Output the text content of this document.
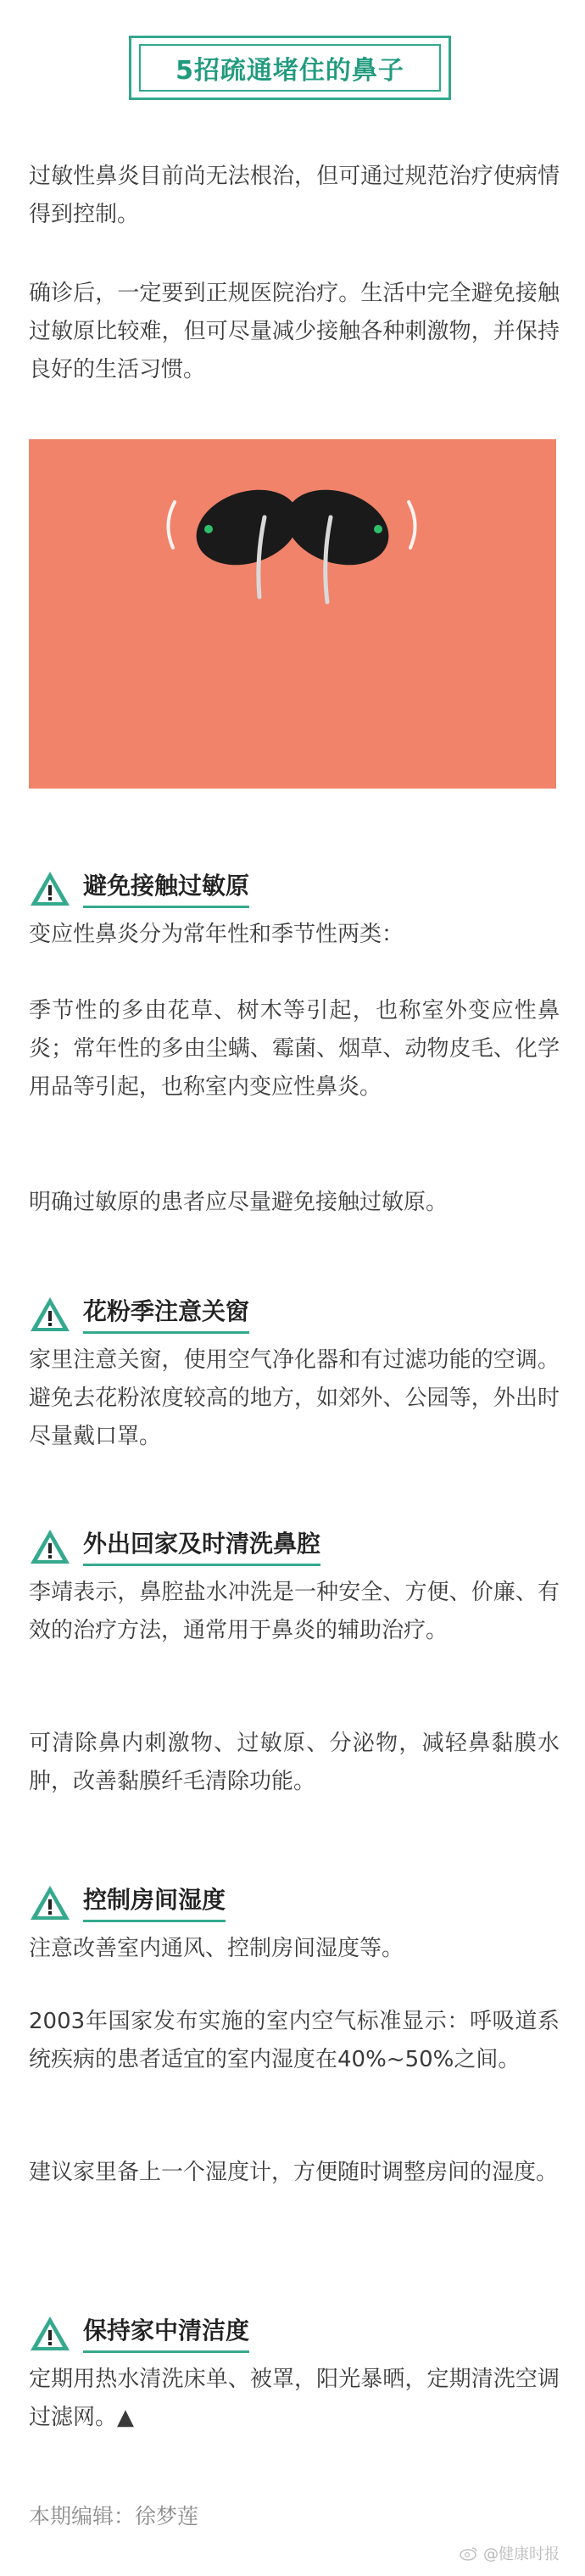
5招疏通堵住的鼻子

过敏性鼻炎目前尚无法根治，但可通过规范治疗使病情得到控制。

确诊后，一定要到正规医院治疗。生活中完全避免接触过敏原比较难，但可尽量减少接触各种刺激物，并保持良好的生活习惯。

避免接触过敏原

变应性鼻炎分为常年性和季节性两类：

季节性的多由花草、树木等引起，也称室外变应性鼻炎；常年性的多由尘螨、霉菌、烟草、动物皮毛、化学用品等引起，也称室内变应性鼻炎。

明确过敏原的患者应尽量避免接触过敏原。

花粉季注意关窗

家里注意关窗，使用空气净化器和有过滤功能的空调。避免去花粉浓度较高的地方，如郊外、公园等，外出时尽量戴口罩。

外出回家及时清洗鼻腔

李靖表示，鼻腔盐水冲洗是一种安全、方便、价廉、有效的治疗方法，通常用于鼻炎的辅助治疗。

可清除鼻内刺激物、过敏原、分泌物，减轻鼻黏膜水肿，改善黏膜纤毛清除功能。

控制房间湿度

注意改善室内通风、控制房间湿度等。

2003年国家发布实施的室内空气标准显示：呼吸道系统疾病的患者适宜的室内湿度在40%~50%之间。

建议家里备上一个湿度计，方便随时调整房间的湿度。

保持家中清洁度

定期用热水清洗床单、被罩，阳光暴晒，定期清洗空调过滤网。▲

本期编辑：徐梦莲
@健康时报
